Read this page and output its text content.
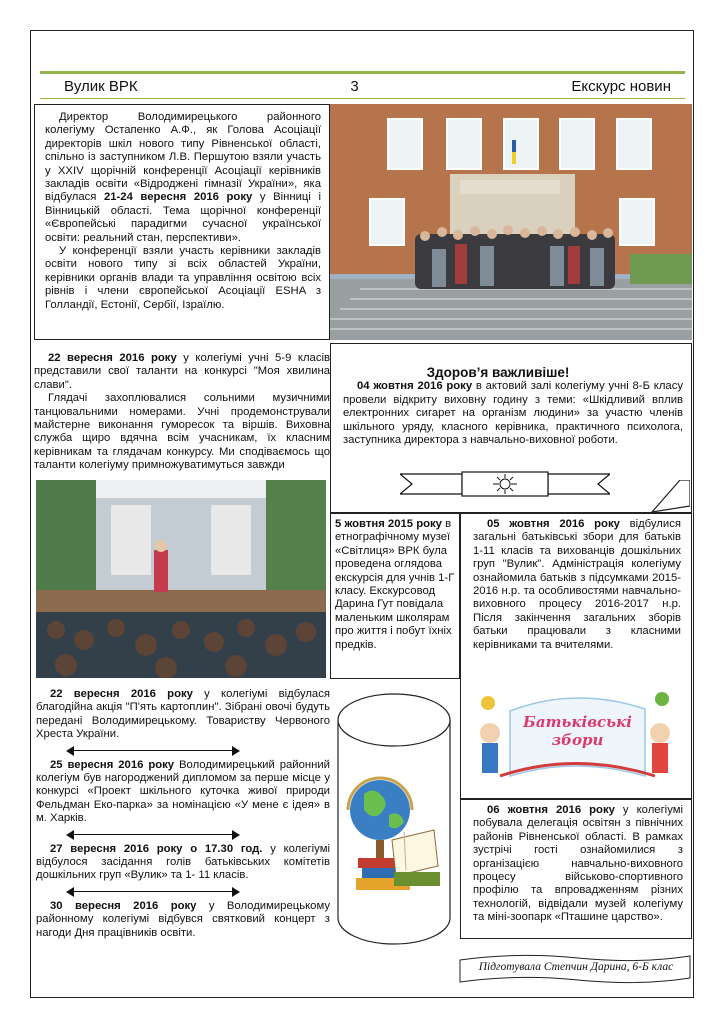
Вулик ВРК	3	Екскурс новин

Директор Володимирецького районного колегіуму Остапенко А.Ф., як Голова Асоціації директорів шкіл нового типу Рівненської області, спільно із заступником Л.В. Першутою взяли участь у XXIV щорічній конференції Асоціації керівників закладів освіти «Відроджені гімназії України», яка відбулася 21-24 вересня 2016 року у Вінниці і Вінницькій області. Тема щорічної конференції «Європейські парадигми сучасної української освіти: реальний стан, перспективи».

У конференції взяли участь керівники закладів освіти нового типу зі всіх областей України, керівники органів влади та управління освітою всіх рівнів і члени європейської Асоціації ESHA з Голландії, Естонії, Сербії, Ізраїлю.

22 вересня 2016 року у колегіумі учні 5-9 класів представили свої таланти на конкурсі "Моя хвилина слави".

Глядачі захоплювалися сольними музичними танцювальними номерами. Учні продемонстрували майстерне виконання гуморесок та віршів. Виховна служба щиро вдячна всім учасникам, їх класним керівникам та глядачам конкурсу. Ми сподіваємось що таланти колегіуму примножуватимуться завжди

Здоров’я важливіше!

04 жовтня 2016 року в актовий залі колегіуму учні 8-Б класу провели відкриту виховну годину з теми: «Шкідливий вплив електронних сигарет на організм людини» за участю членів шкільного уряду, класного керівника, практичного психолога, заступника директора з навчально-виховної роботи.

5 жовтня 2015 року в етнографічному музеї «Світлиця» ВРК була проведена оглядова екскурсія для учнів 1-Г класу. Екскурсовод Дарина Гут повідала маленьким школярам про життя і побут їхніх предків.

05 жовтня 2016 року відбулися загальні батьківські збори для батьків 1-11 класів та вихованців дошкільних груп "Вулик". Адміністрація колегіуму ознайомила батьків з підсумками 2015-2016 н.р. та особливостями навчально-виховного процесу 2016-2017 н.р. Після закінчення загальних зборів батьки працювали з класними керівниками та вчителями.

Батьківські збори

22 вересня 2016 року у колегіумі відбулася благодійна акція "П'ять картоплин". Зібрані овочі будуть передані Володимирецькому. Товариству Червоного Хреста України.

25 вересня 2016 року Володимирецький районний колегіум був нагороджений дипломом за перше місце у конкурсі «Проект шкільного куточка живої природи Фельдман Еко-парка» за номінацією «У мене є ідея» в м. Харків.

27 вересня 2016 року о 17.30 год. у колегіумі відбулося засідання голів батьківських комітетів дошкільних груп «Вулик» та 1- 11 класів.

30 вересня 2016 року у Володимирецькому районному колегіумі відбувся святковий концерт з нагоди Дня працівників освіти.

06 жовтня 2016 року у колегіумі побувала делегація освітян з північних районів Рівненської області. В рамках зустрічі гості ознайомилися з організацією навчально-виховного процесу військово-спортивного профілю та впровадженням різних технологій, відвідали музей колегіуму та міні-зоопарк «Пташине царство».

Підготувала Степчин Дарина, 6-Б клас
